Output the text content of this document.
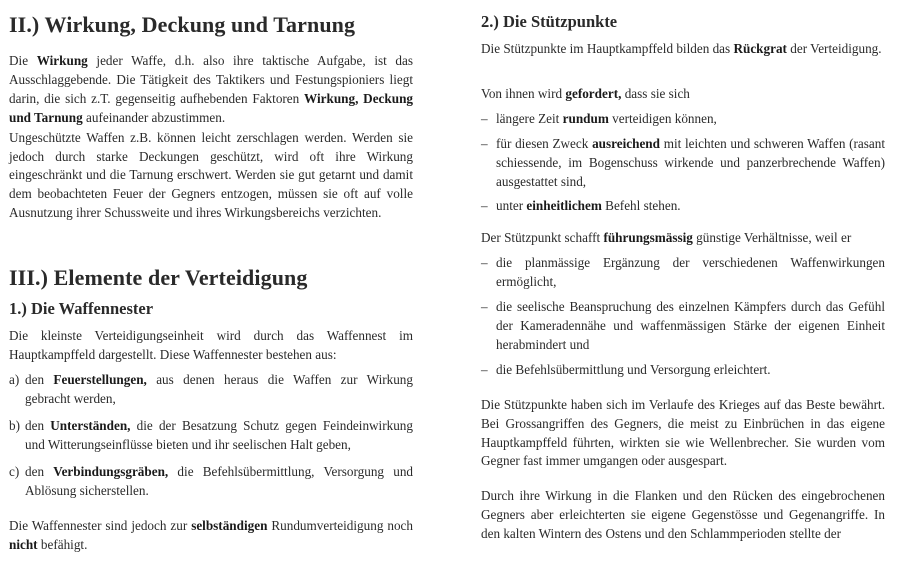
II.) Wirkung, Deckung und Tarnung

Die Wirkung jeder Waffe, d.h. also ihre taktische Aufgabe, ist das Ausschlaggebende. Die Tätigkeit des Taktikers und Festungspioniers liegt darin, die sich z.T. gegenseitig aufhebenden Faktoren Wirkung, Deckung und Tarnung aufeinander abzustimmen.

Ungeschützte Waffen z.B. können leicht zerschlagen werden. Werden sie jedoch durch starke Deckungen geschützt, wird oft ihre Wirkung eingeschränkt und die Tarnung erschwert. Werden sie gut getarnt und damit dem beobachteten Feuer der Gegners entzogen, müssen sie oft auf volle Ausnutzung ihrer Schussweite und ihres Wirkungsbereichs verzichten.

III.) Elemente der Verteidigung
1.) Die Waffennester

Die kleinste Verteidigungseinheit wird durch das Waffennest im Hauptkampffeld dargestellt. Diese Waffennester bestehen aus:

a) den Feuerstellungen, aus denen heraus die Waffen zur Wirkung gebracht werden,
b) den Unterständen, die der Besatzung Schutz gegen Feindeinwirkung und Witterungseinflüsse bieten und ihr seelischen Halt geben,
c) den Verbindungsgräben, die Befehlsübermittlung, Versorgung und Ablösung sicherstellen.

Die Waffennester sind jedoch zur selbständigen Rundumverteidigung noch nicht befähigt.

2.) Die Stützpunkte

Die Stützpunkte im Hauptkampffeld bilden das Rückgrat der Verteidigung.

Von ihnen wird gefordert, dass sie sich

– längere Zeit rundum verteidigen können,
– für diesen Zweck ausreichend mit leichten und schweren Waffen (rasant schiessende, im Bogenschuss wirkende und panzerbrechende Waffen) ausgestattet sind,
– unter einheitlichem Befehl stehen.

Der Stützpunkt schafft führungsmässig günstige Verhältnisse, weil er

– die planmässige Ergänzung der verschiedenen Waffenwirkungen ermöglicht,
– die seelische Beanspruchung des einzelnen Kämpfers durch das Gefühl der Kameradennähe und waffenmässigen Stärke der eigenen Einheit herabmindert und
– die Befehlsübermittlung und Versorgung erleichtert.

Die Stützpunkte haben sich im Verlaufe des Krieges auf das Beste bewährt. Bei Grossangriffen des Gegners, die meist zu Einbrüchen in das eigene Hauptkampffeld führten, wirkten sie wie Wellenbrecher. Sie wurden vom Gegner fast immer umgangen oder ausgespart.

Durch ihre Wirkung in die Flanken und den Rücken des eingebrochenen Gegners aber erleichterten sie eigene Gegenstösse und Gegenangriffe. In den kalten Wintern des Ostens und den Schlammperioden stellte der
